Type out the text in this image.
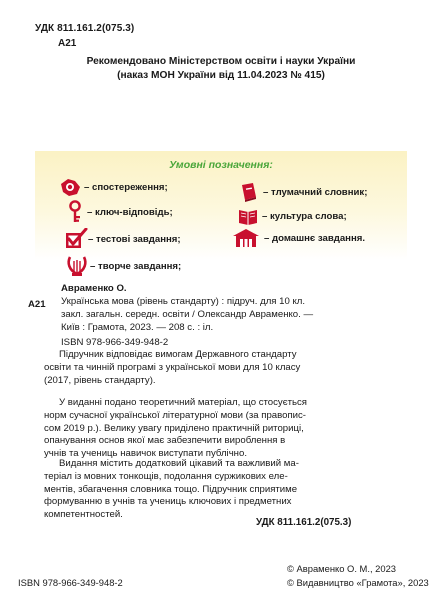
УДК 811.161.2(075.3)
А21
Рекомендовано Міністерством освіти і науки України
(наказ МОН України від 11.04.2023 № 415)
Умовні позначення:
– спостереження;
– ключ-відповідь;
– тестові завдання;
– творче завдання;
– тлумачний словник;
– культура слова;
– домашнє завдання.
А21
Авраменко О.
Українська мова (рівень стандарту) : підруч. для 10 кл.
закл. загальн. середн. освіти / Олександр Авраменко. —
Київ : Грамота, 2023. — 208 с. : іл.
ISBN 978-966-349-948-2
Підручник відповідає вимогам Державного стандарту
освіти та чинній програмі з української мови для 10 класу
(2017, рівень стандарту).
У виданні подано теоретичний матеріал, що стосується
норм сучасної української літературної мови (за правопис-
сом 2019 р.). Велику увагу приділено практичній риториці,
опанування основ якої має забезпечити вироблення в
учнів та учениць навичок виступати публічно.
Видання містить додатковий цікавий та важливий ма-
теріал із мовних тонкощів, подолання суржикових еле-
ментів, збагачення словника тощо. Підручник сприятиме
формуванню в учнів та учениць ключових і предметних
компетентностей.
УДК 811.161.2(075.3)
ISBN 978-966-349-948-2
© Авраменко О. М., 2023
© Видавництво «Грамота», 2023
